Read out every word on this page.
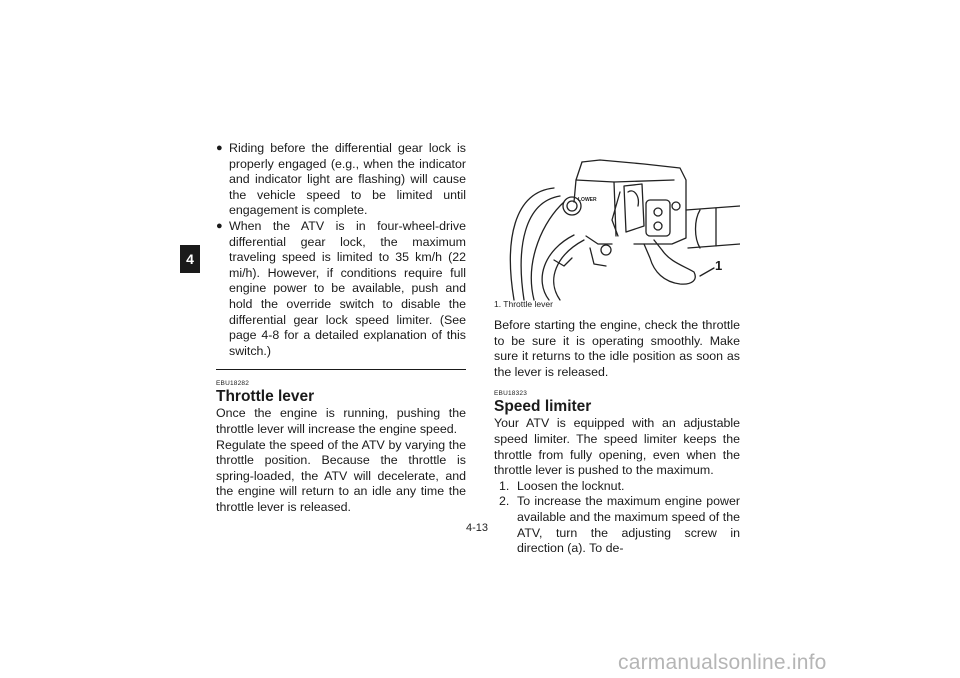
4
● Riding before the differential gear lock is properly engaged (e.g., when the indicator and indicator light are flashing) will cause the vehicle speed to be limited until engagement is complete.
● When the ATV is in four-wheel-drive differential gear lock, the maximum traveling speed is limited to 35 km/h (22 mi/h). However, if conditions require full engine power to be available, push and hold the override switch to disable the differential gear lock speed limiter. (See page 4-8 for a detailed explanation of this switch.)
EBU18282
Throttle lever

Once the engine is running, pushing the throttle lever will increase the engine speed.

Regulate the speed of the ATV by varying the throttle position. Because the throttle is spring-loaded, the ATV will decelerate, and the engine will return to an idle any time the throttle lever is released.

LOWER
1
1. Throttle lever

Before starting the engine, check the throttle to be sure it is operating smoothly. Make sure it returns to the idle position as soon as the lever is released.

EBU18323
Speed limiter

Your ATV is equipped with an adjustable speed limiter. The speed limiter keeps the throttle from fully opening, even when the throttle lever is pushed to the maximum.

1. Loosen the locknut.
2. To increase the maximum engine power available and the maximum speed of the ATV, turn the adjusting screw in direction (a). To de-
4-13
carmanualsonline.info
